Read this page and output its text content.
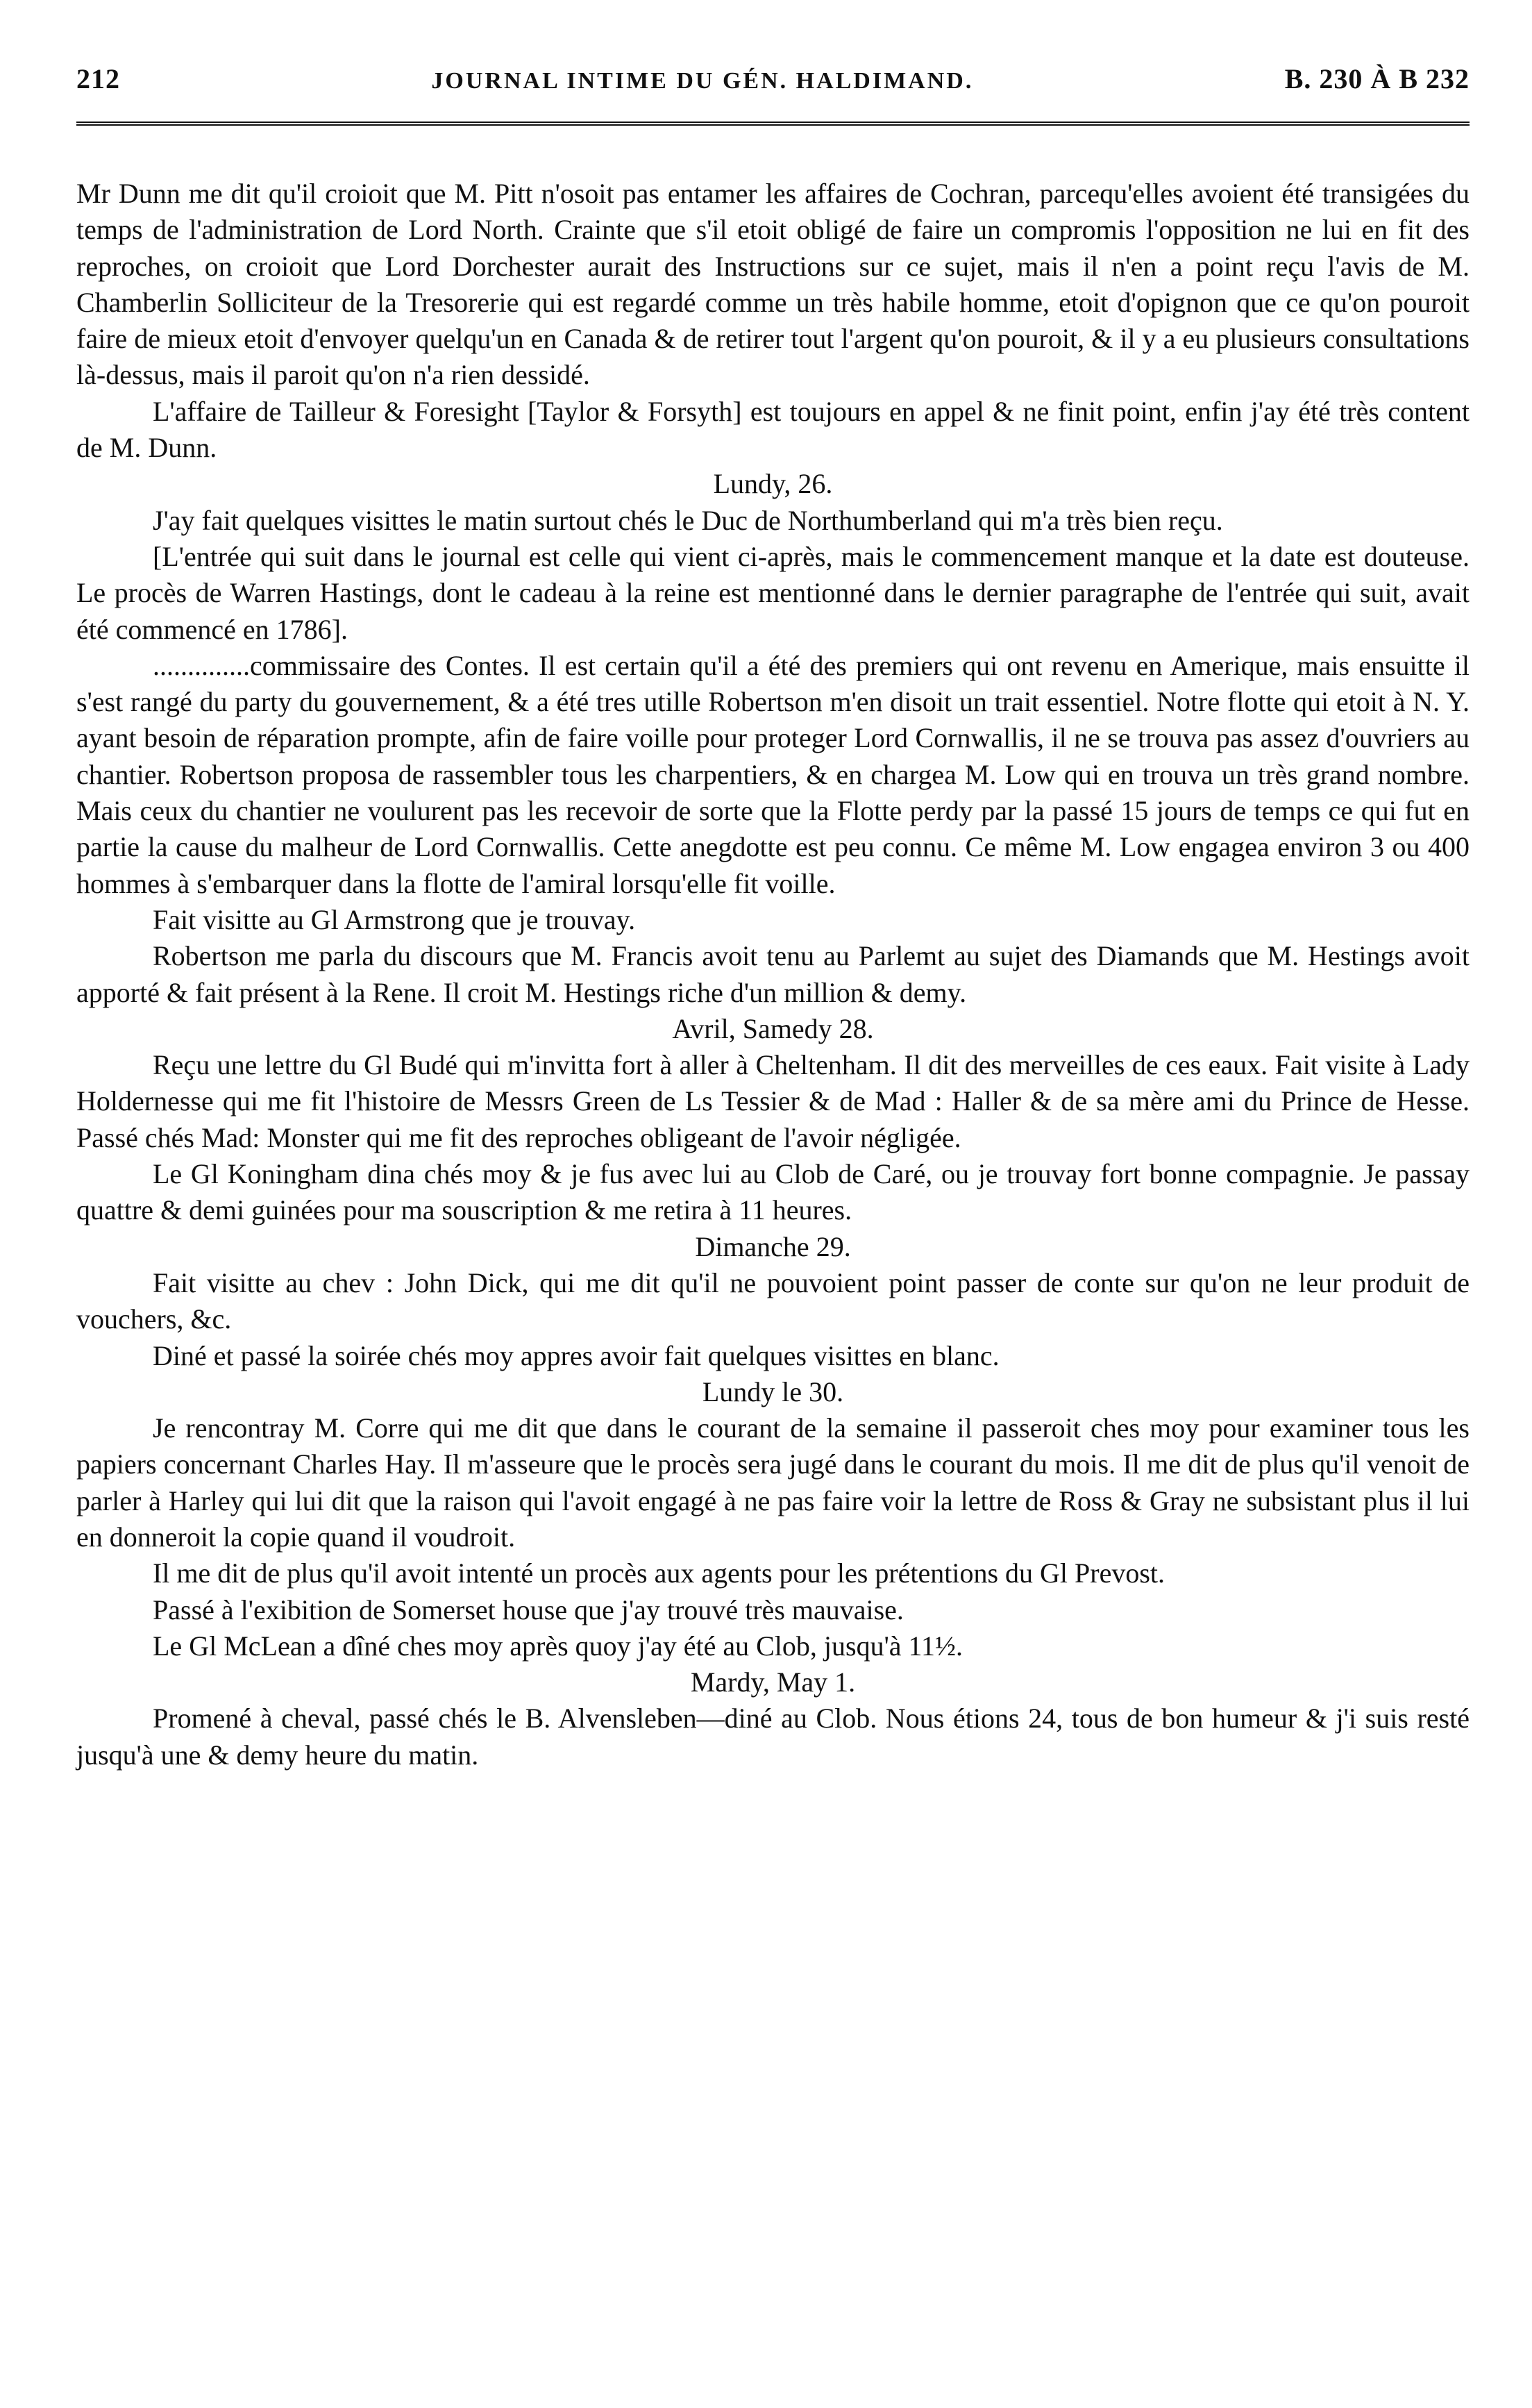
212	JOURNAL INTIME DU GÉN. HALDIMAND.	B. 230 À B 232

Mr Dunn me dit qu'il croioit que M. Pitt n'osoit pas entamer les affaires de Cochran, parcequ'elles avoient été transigées du temps de l'administration de Lord North. Crainte que s'il etoit obligé de faire un compromis l'opposition ne lui en fit des reproches, on croioit que Lord Dorchester aurait des Instructions sur ce sujet, mais il n'en a point reçu l'avis de M. Chamberlin Solliciteur de la Tresorerie qui est regardé comme un très habile homme, etoit d'opignon que ce qu'on pouroit faire de mieux etoit d'envoyer quelqu'un en Canada & de retirer tout l'argent qu'on pouroit, & il y a eu plusieurs consultations là-dessus, mais il paroit qu'on n'a rien dessidé.

L'affaire de Tailleur & Foresight [Taylor & Forsyth] est toujours en appel & ne finit point, enfin j'ay été très content de M. Dunn.

Lundy, 26.

J'ay fait quelques visittes le matin surtout chés le Duc de Northumberland qui m'a très bien reçu.

[L'entrée qui suit dans le journal est celle qui vient ci-après, mais le commencement manque et la date est douteuse. Le procès de Warren Hastings, dont le cadeau à la reine est mentionné dans le dernier paragraphe de l'entrée qui suit, avait été commencé en 1786].

..............commissaire des Contes. Il est certain qu'il a été des premiers qui ont revenu en Amerique, mais ensuitte il s'est rangé du party du gouvernement, & a été tres utille Robertson m'en disoit un trait essentiel. Notre flotte qui etoit à N. Y. ayant besoin de réparation prompte, afin de faire voille pour proteger Lord Cornwallis, il ne se trouva pas assez d'ouvriers au chantier. Robertson proposa de rassembler tous les charpentiers, & en chargea M. Low qui en trouva un très grand nombre. Mais ceux du chantier ne voulurent pas les recevoir de sorte que la Flotte perdy par la passé 15 jours de temps ce qui fut en partie la cause du malheur de Lord Cornwallis. Cette anegdotte est peu connu. Ce même M. Low engagea environ 3 ou 400 hommes à s'embarquer dans la flotte de l'amiral lorsqu'elle fit voille.

Fait visitte au Gl Armstrong que je trouvay.

Robertson me parla du discours que M. Francis avoit tenu au Parlemt au sujet des Diamands que M. Hestings avoit apporté & fait présent à la Rene. Il croit M. Hestings riche d'un million & demy.

Avril, Samedy 28.

Reçu une lettre du Gl Budé qui m'invitta fort à aller à Cheltenham. Il dit des merveilles de ces eaux. Fait visite à Lady Holdernesse qui me fit l'histoire de Messrs Green de Ls Tessier & de Mad : Haller & de sa mère ami du Prince de Hesse. Passé chés Mad: Monster qui me fit des reproches obligeant de l'avoir négligée.

Le Gl Koningham dina chés moy & je fus avec lui au Clob de Caré, ou je trouvay fort bonne compagnie. Je passay quattre & demi guinées pour ma souscription & me retira à 11 heures.

Dimanche 29.

Fait visitte au chev : John Dick, qui me dit qu'il ne pouvoient point passer de conte sur qu'on ne leur produit de vouchers, &c.

Diné et passé la soirée chés moy appres avoir fait quelques visittes en blanc.

Lundy le 30.

Je rencontray M. Corre qui me dit que dans le courant de la semaine il passeroit ches moy pour examiner tous les papiers concernant Charles Hay. Il m'asseure que le procès sera jugé dans le courant du mois. Il me dit de plus qu'il venoit de parler à Harley qui lui dit que la raison qui l'avoit engagé à ne pas faire voir la lettre de Ross & Gray ne subsistant plus il lui en donneroit la copie quand il voudroit.

Il me dit de plus qu'il avoit intenté un procès aux agents pour les prétentions du Gl Prevost.

Passé à l'exibition de Somerset house que j'ay trouvé très mauvaise.

Le Gl McLean a dîné ches moy après quoy j'ay été au Clob, jusqu'à 11½.

Mardy, May 1.

Promené à cheval, passé chés le B. Alvensleben—diné au Clob. Nous étions 24, tous de bon humeur & j'i suis resté jusqu'à une & demy heure du matin.
